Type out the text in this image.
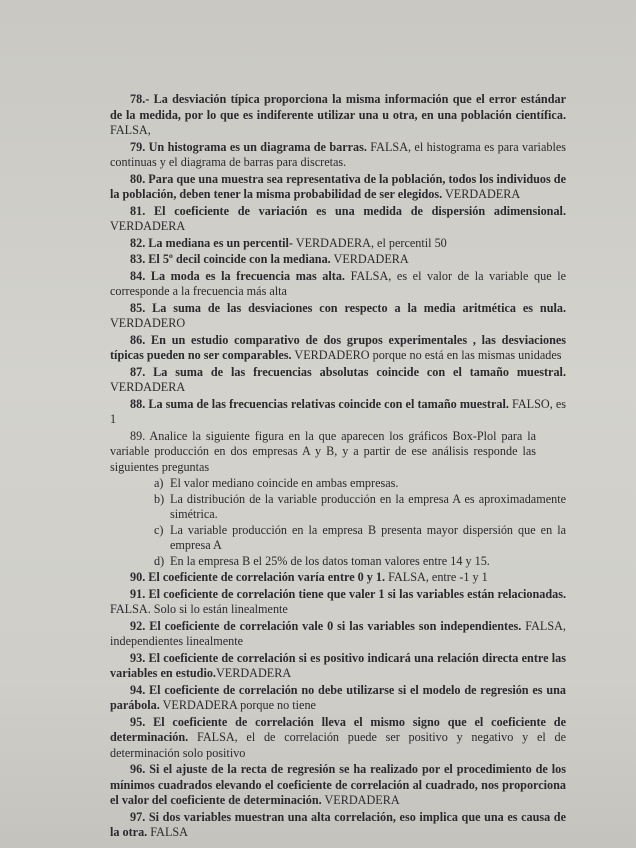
78.- La desviación típica proporciona la misma información que el error estándar de la medida, por lo que es indiferente utilizar una u otra, en una población científica. FALSA,
79. Un histograma es un diagrama de barras. FALSA, el histograma es para variables continuas y el diagrama de barras para discretas.
80. Para que una muestra sea representativa de la población, todos los individuos de la población, deben tener la misma probabilidad de ser elegidos. VERDADERA
81. El coeficiente de variación es una medida de dispersión adimensional. VERDADERA
82. La mediana es un percentil- VERDADERA, el percentil 50
83. El 5º decil coincide con la mediana. VERDADERA
84. La moda es la frecuencia mas alta. FALSA, es el valor de la variable que le corresponde a la frecuencia más alta
85. La suma de las desviaciones con respecto a la media aritmética es nula. VERDADERO
86. En un estudio comparativo de dos grupos experimentales , las desviaciones típicas pueden no ser comparables. VERDADERO porque no está en las mismas unidades
87. La suma de las frecuencias absolutas coincide con el tamaño muestral. VERDADERA
88. La suma de las frecuencias relativas coincide con el tamaño muestral. FALSO, es 1
89. Analice la siguiente figura en la que aparecen los gráficos Box-Plol para la variable producción en dos empresas A y B, y a partir de ese análisis responde las siguientes preguntas
a) El valor mediano coincide en ambas empresas.
b) La distribución de la variable producción en la empresa A es aproximadamente simétrica.
c) La variable producción en la empresa B presenta mayor dispersión que en la empresa A
d) En la empresa B el 25% de los datos toman valores entre 14 y 15.
90. El coeficiente de correlación varía entre 0 y 1. FALSA, entre -1 y 1
91. El coeficiente de correlación tiene que valer 1 si las variables están relacionadas. FALSA. Solo si lo están linealmente
92. El coeficiente de correlación vale 0 si las variables son independientes. FALSA, independientes linealmente
93. El coeficiente de correlación si es positivo indicará una relación directa entre las variables en estudio.VERDADERA
94. El coeficiente de correlación no debe utilizarse si el modelo de regresión es una parábola. VERDADERA porque no tiene
95. El coeficiente de correlación lleva el mismo signo que el coeficiente de determinación. FALSA, el de correlación puede ser positivo y negativo y el de determinación solo positivo
96. Si el ajuste de la recta de regresión se ha realizado por el procedimiento de los mínimos cuadrados elevando el coeficiente de correlación al cuadrado, nos proporciona el valor del coeficiente de determinación. VERDADERA
97. Si dos variables muestran una alta correlación, eso implica que una es causa de la otra. FALSA
